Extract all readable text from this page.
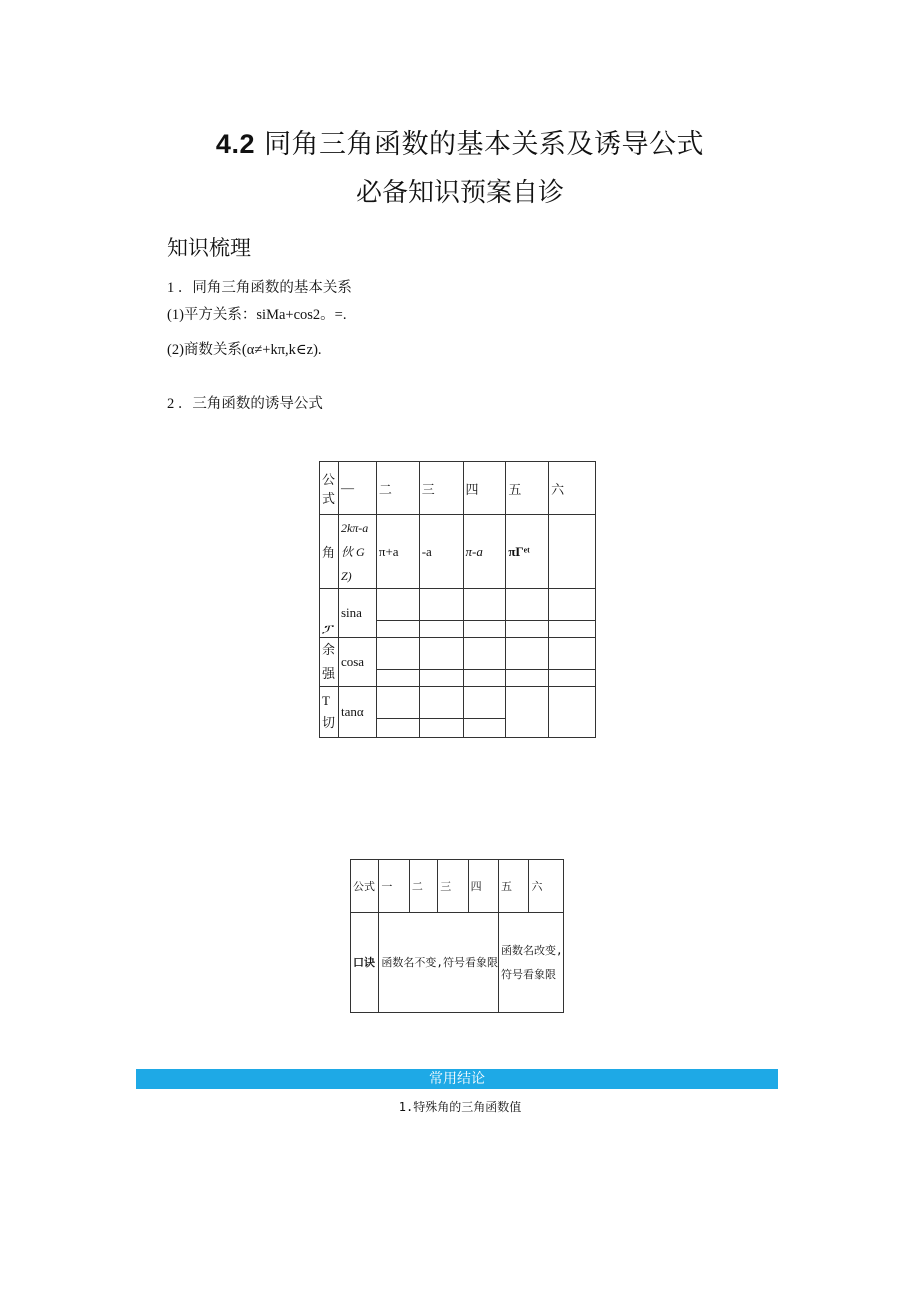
4.2 同角三角函数的基本关系及诱导公式
必备知识预案自诊
知识梳理
1 ．同角三角函数的基本关系
(1)平方关系：siMa+cos2。=.
(2)商数关系(α≠+kπ,k∈z).
2 ．三角函数的诱导公式
公式	—	二	三	四	五	六
角	2kπ-a 伙 G Z)	π+a	-a	π-a	πΓᵉᵗ	
ፓ	sina					

余 强	cosa					

T 切	tanα					

公式	一	二	三	四	五	六
口诀	函数名不变,符号看象限				函数名改变,符号看象限	
常用结论
1.特殊角的三角函数值
